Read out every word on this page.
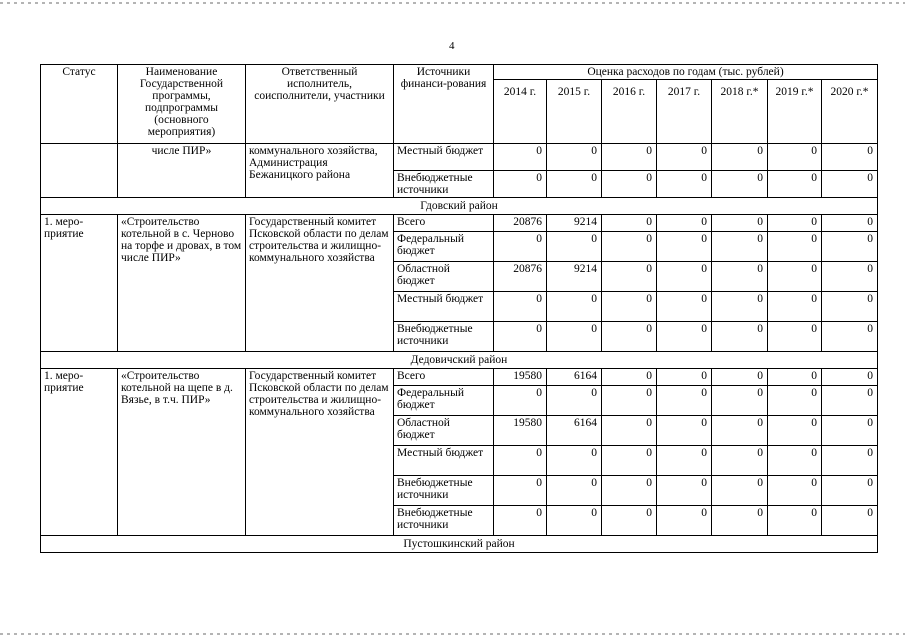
4
Статус	Наименование Государственной программы, подпрограммы (основного мероприятия)	Ответственный исполнитель, соисполнители, участники	Источники финанси-рования	Оценка расходов по годам (тыс. рублей)						
				2014 г.	2015 г.	2016 г.	2017 г.	2018 г.*	2019 г.*	2020 г.*
	числе ПИР»	коммунального хозяйства, Администрация Бежаницкого района	Местный бюджет	0	0	0	0	0	0	0
			Внебюджетные источники	0	0	0	0	0	0	0
Гдовский район										
1. меро-приятие	«Строительство котельной в с. Черново на торфе и дровах, в том числе ПИР»	Государственный комитет Псковской области по делам строительства и жилищно-коммунального хозяйства	Всего	20876	9214	0	0	0	0	0
			Федеральный бюджет	0	0	0	0	0	0	0
			Областной бюджет	20876	9214	0	0	0	0	0
			Местный бюджет	0	0	0	0	0	0	0
			Внебюджетные источники	0	0	0	0	0	0	0
Дедовичский район										
1. меро-приятие	«Строительство котельной на щепе в д. Вязье, в т.ч. ПИР»	Государственный комитет Псковской области по делам строительства и жилищно-коммунального хозяйства	Всего	19580	6164	0	0	0	0	0
			Федеральный бюджет	0	0	0	0	0	0	0
			Областной бюджет	19580	6164	0	0	0	0	0
			Местный бюджет	0	0	0	0	0	0	0
			Внебюджетные источники	0	0	0	0	0	0	0
			Внебюджетные источники	0	0	0	0	0	0	0
Пустошкинский район										
